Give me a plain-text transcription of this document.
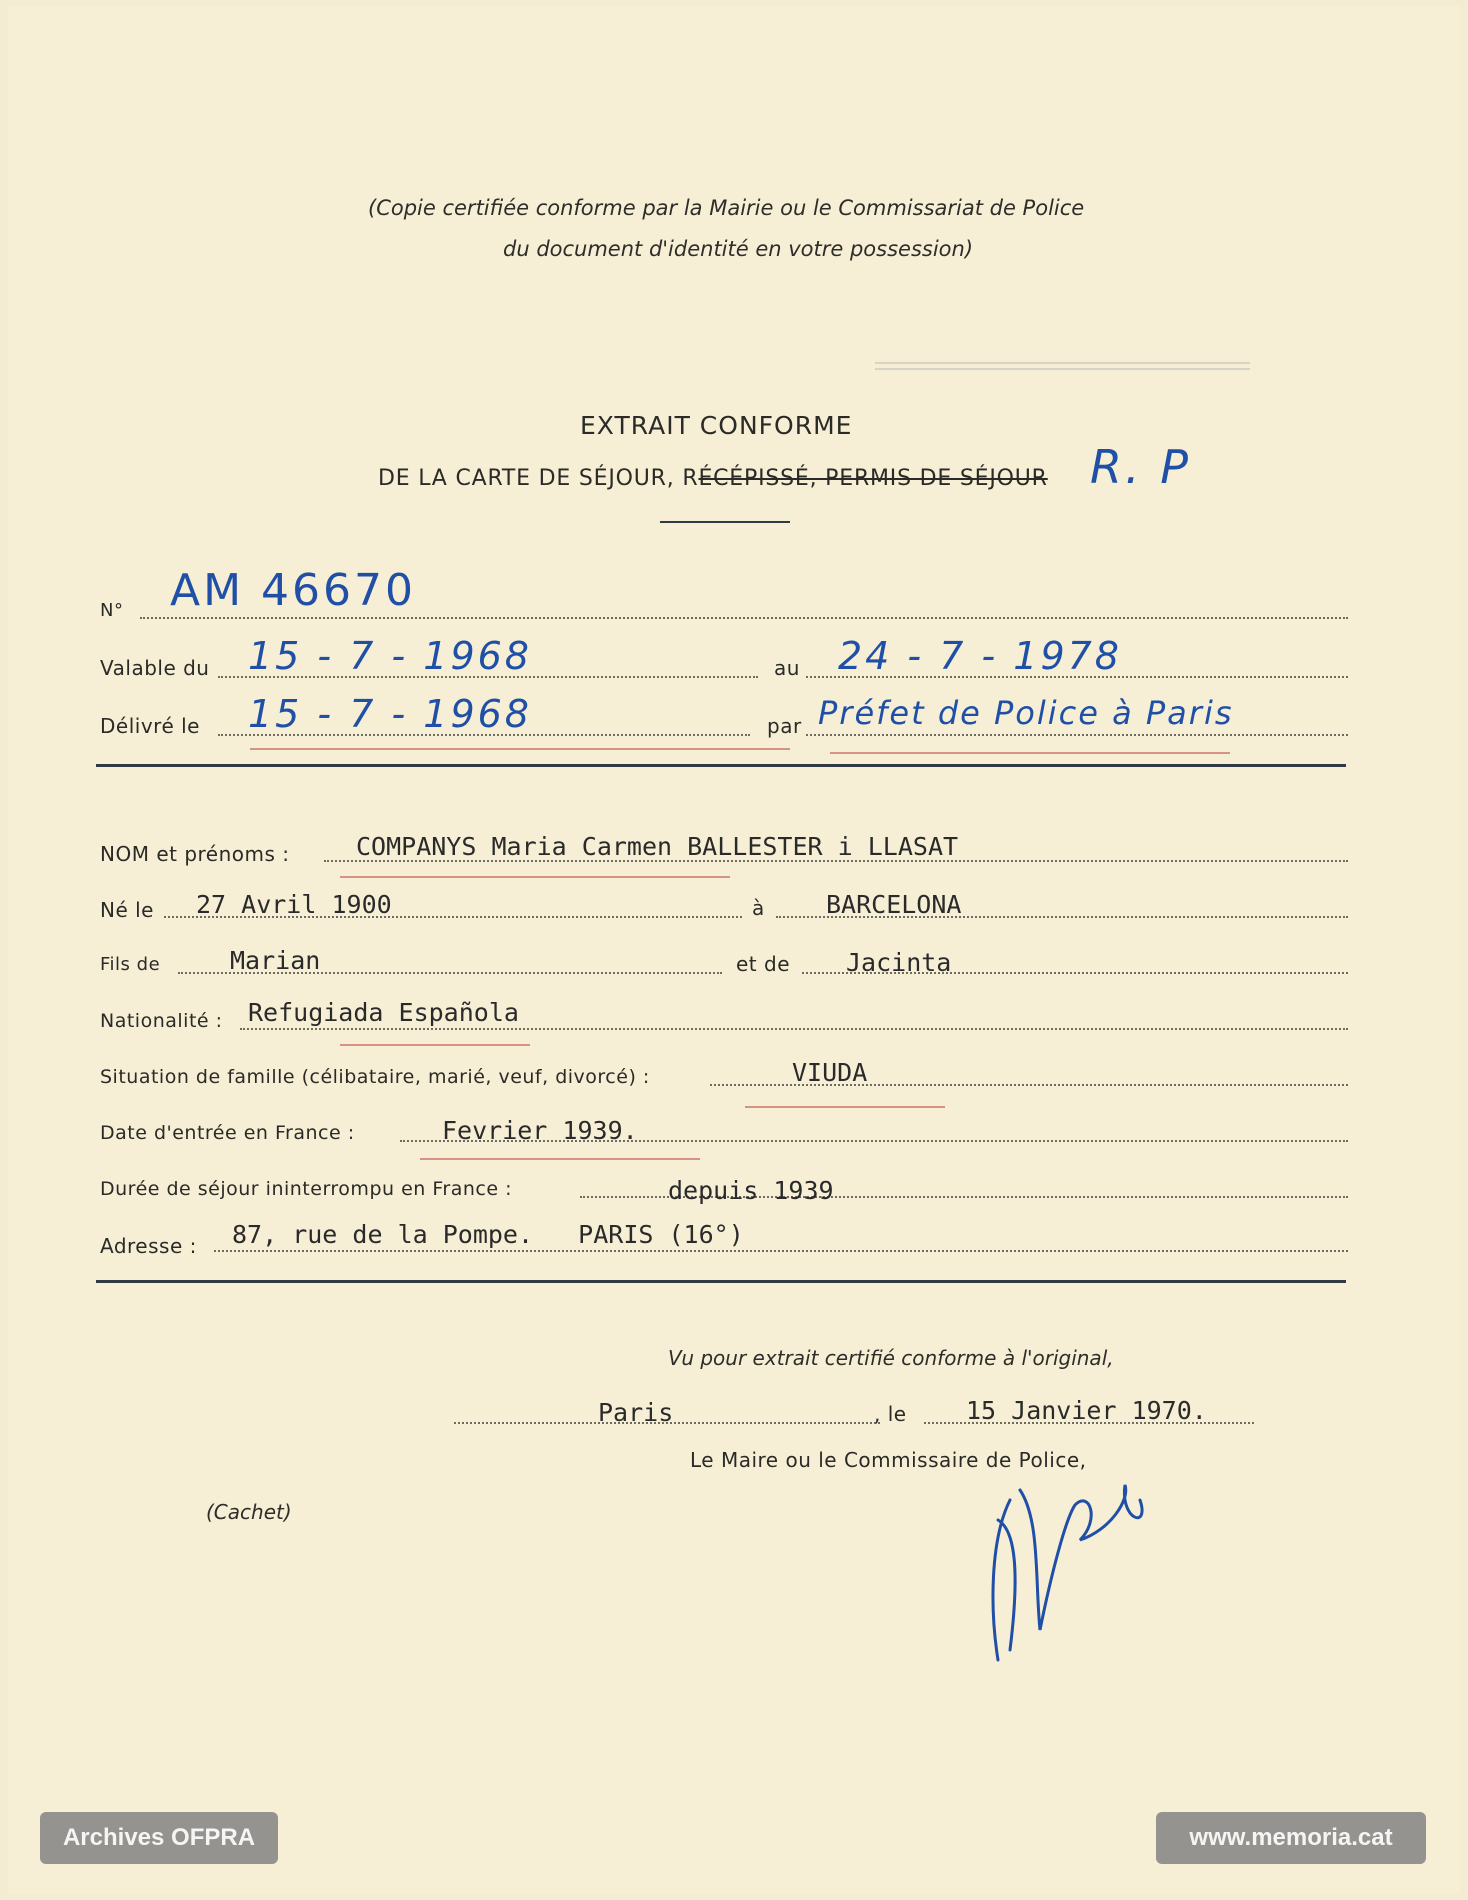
(Copie certifiée conforme par la Mairie ou le Commissariat de Police
du document d'identité en votre possession)
EXTRAIT CONFORME
DE LA CARTE DE SÉJOUR, RÉCÉPISSÉ, PERMIS DE SÉJOUR R. P
N° AM 46670
Valable du 15 - 7 - 1968	au 24 - 7 - 1978
Délivré le 15 - 7 - 1968	par Préfet de Police à Paris
NOM et prénoms :	COMPANYS Maria Carmen BALLESTER i LLASAT
Né le 27 Avril 1900	à BARCELONA
Fils de	Marian	et de Jacinta
Nationalité : Refugiada Española
Situation de famille (célibataire, marié, veuf, divorcé) :	VIUDA
Date d'entrée en France :	Fevrier 1939.
Durée de séjour ininterrompu en France :	depuis 1939
Adresse : 87, rue de la Pompe.   PARIS (16°)
Vu pour extrait certifié conforme à l'original,
Paris	, le 15 Janvier 1970.
Le Maire ou le Commissaire de Police,
(Cachet)
Archives OFPRA	www.memoria.cat
